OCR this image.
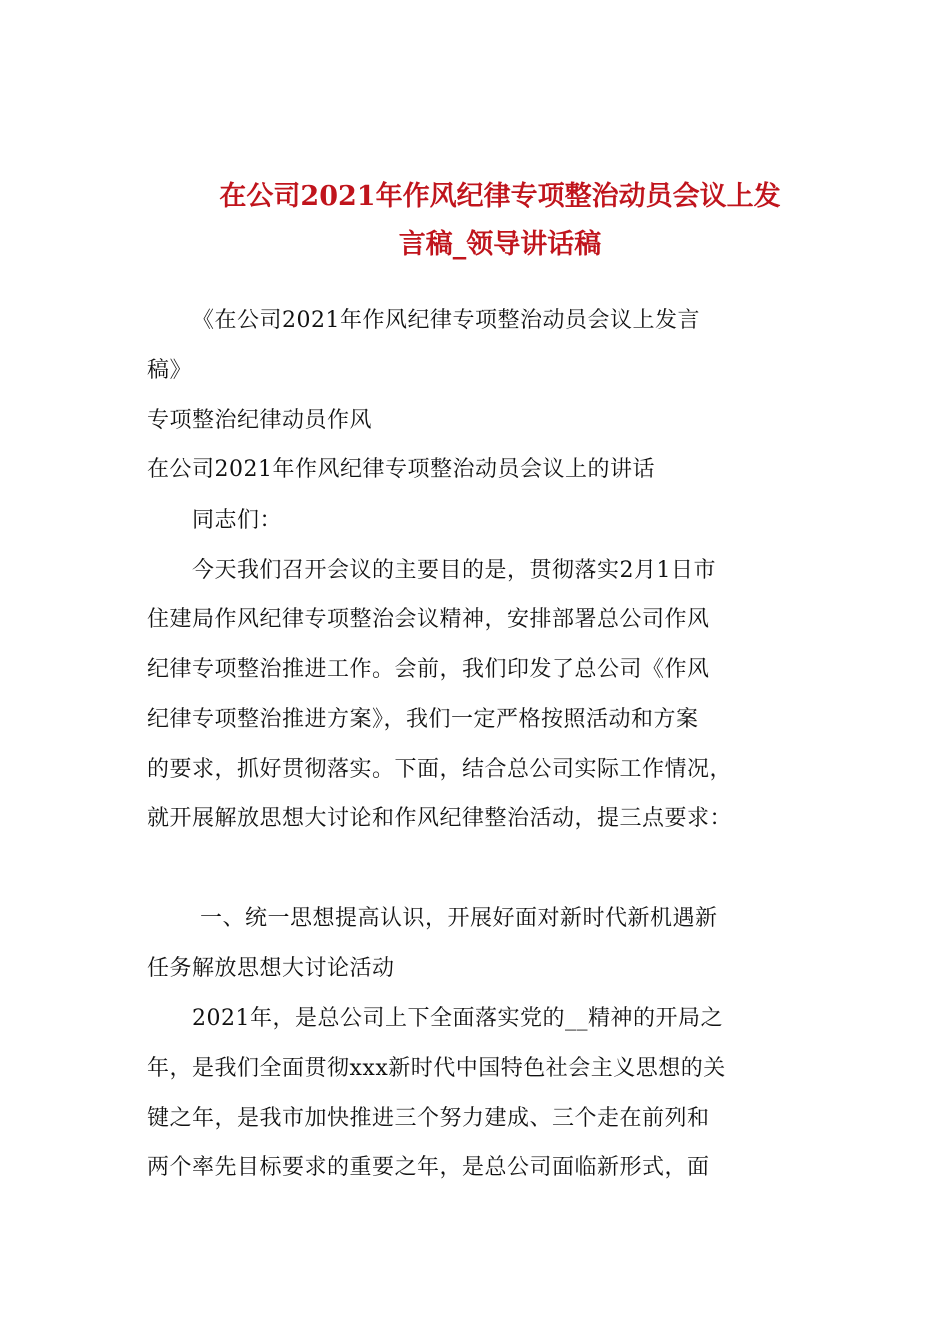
在公司2021年作风纪律专项整治动员会议上发
言稿_领导讲话稿
《在公司2021年作风纪律专项整治动员会议上发言
稿》
专项整治纪律动员作风
在公司2021年作风纪律专项整治动员会议上的讲话
同志们：
今天我们召开会议的主要目的是，贯彻落实2月1日市
住建局作风纪律专项整治会议精神，安排部署总公司作风
纪律专项整治推进工作。会前，我们印发了总公司《作风
纪律专项整治推进方案》，我们一定严格按照活动和方案
的要求，抓好贯彻落实。下面，结合总公司实际工作情况，
就开展解放思想大讨论和作风纪律整治活动，提三点要求：
一、统一思想提高认识，开展好面对新时代新机遇新
任务解放思想大讨论活动
2021年，是总公司上下全面落实党的__精神的开局之
年，是我们全面贯彻xxx新时代中国特色社会主义思想的关
键之年，是我市加快推进三个努力建成、三个走在前列和
两个率先目标要求的重要之年，是总公司面临新形式，面
